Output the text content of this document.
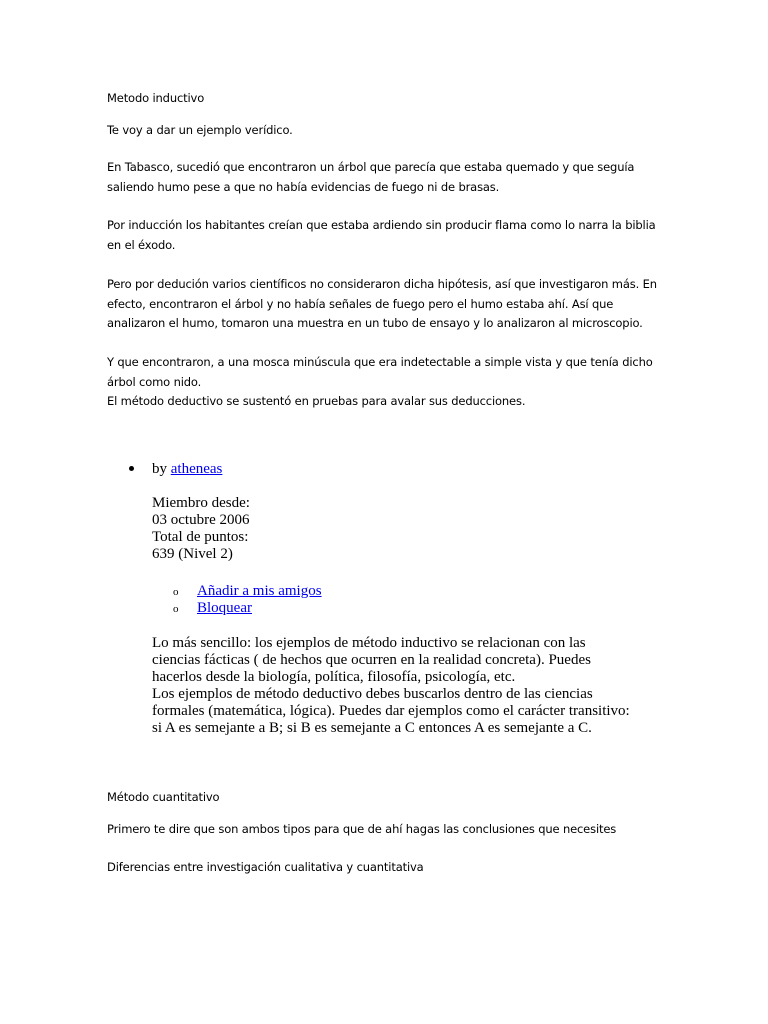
Metodo inductivo

Te voy a dar un ejemplo verídico.

En Tabasco, sucedió que encontraron un árbol que parecía que estaba quemado y que seguía saliendo humo pese a que no había evidencias de fuego ni de brasas.

Por inducción los habitantes creían que estaba ardiendo sin producir flama como lo narra la biblia en el éxodo.

Pero por dedución varios científicos no consideraron dicha hipótesis, así que investigaron más. En efecto, encontraron el árbol y no había señales de fuego pero el humo estaba ahí. Así que analizaron el humo, tomaron una muestra en un tubo de ensayo y lo analizaron al microscopio.

Y que encontraron, a una mosca minúscula que era indetectable a simple vista y que tenía dicho árbol como nido.
El método deductivo se sustentó en pruebas para avalar sus deducciones.
by atheneas
Miembro desde:
03 octubre 2006
Total de puntos:
639 (Nivel 2)
o Añadir a mis amigos
o Bloquear
Lo más sencillo: los ejemplos de método inductivo se relacionan con las ciencias fácticas ( de hechos que ocurren en la realidad concreta). Puedes hacerlos desde la biología, política, filosofía, psicología, etc.
Los ejemplos de método deductivo debes buscarlos dentro de las ciencias formales (matemática, lógica). Puedes dar ejemplos como el carácter transitivo: si A es semejante a B; si B es semejante a C entonces A es semejante a C.

Método cuantitativo

Primero te dire que son ambos tipos para que de ahí hagas las conclusiones que necesites

Diferencias entre investigación cualitativa y cuantitativa
